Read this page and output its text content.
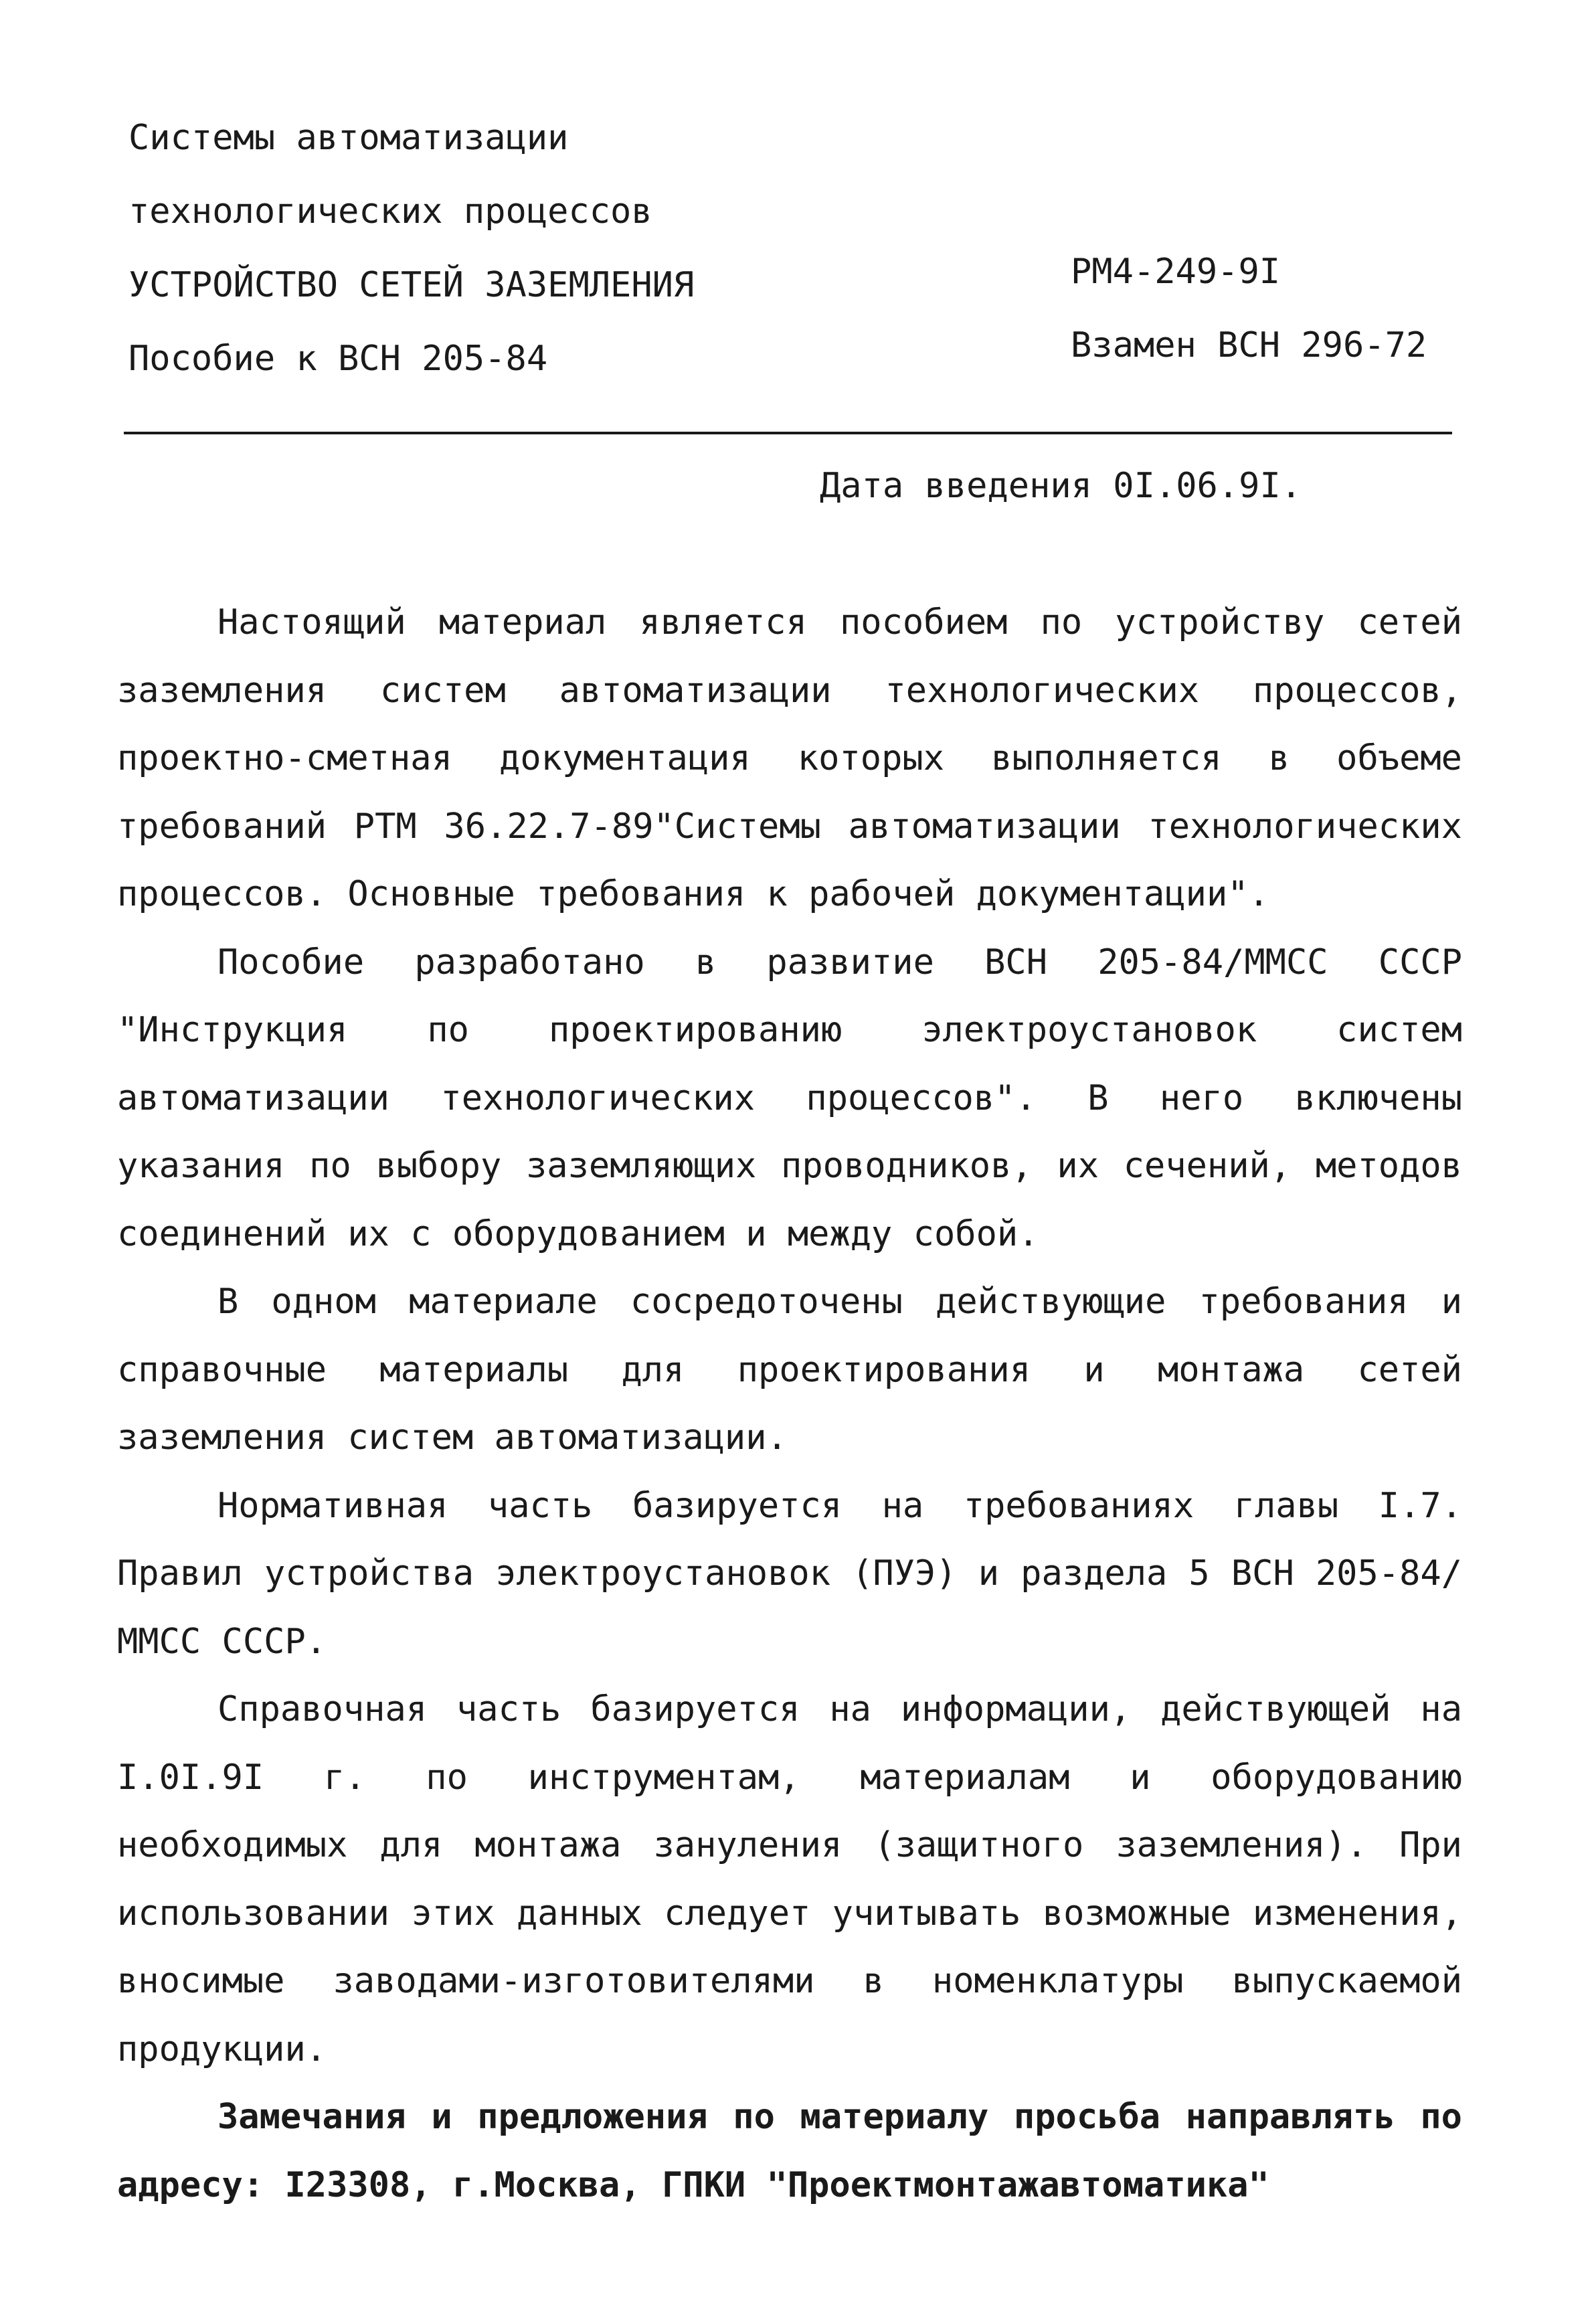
Системы автоматизации
технологических процессов
УСТРОЙСТВО СЕТЕЙ ЗАЗЕМЛЕНИЯ
Пособие к ВСН 205-84
РМ4-249-9I
Взамен ВСН 296-72
Дата введения 0I.06.9I.

Настоящий материал является пособием по устройству сетей заземления систем автоматизации технологических процессов, проектно-сметная документация которых выполняется в объеме требований РТМ 36.22.7-89"Системы автоматизации технологических процессов. Основные требования к рабочей документации".

Пособие разработано в развитие ВСН 205-84/ММСС СССР "Инструкция по проектированию электроустановок систем автоматизации технологических процессов". В него включены указания по выбору заземляющих проводников, их сечений, методов соединений их с оборудованием и между собой.

В одном материале сосредоточены действующие требования и справочные материалы для проектирования и монтажа сетей заземления систем автоматизации.

Нормативная часть базируется на требованиях главы I.7. Правил устройства электроустановок (ПУЭ) и раздела 5 ВСН 205-84/ММСС СССР.

Справочная часть базируется на информации, действующей на I.0I.9I г. по инструментам, материалам и оборудованию необходимых для монтажа зануления (защитного заземления). При использовании этих данных следует учитывать возможные изменения, вносимые заводами-изготовителями в номенклатуры выпускаемой продукции.

Замечания и предложения по материалу просьба направлять по адресу: I23308, г.Москва, ГПКИ "Проектмонтажавтоматика"
